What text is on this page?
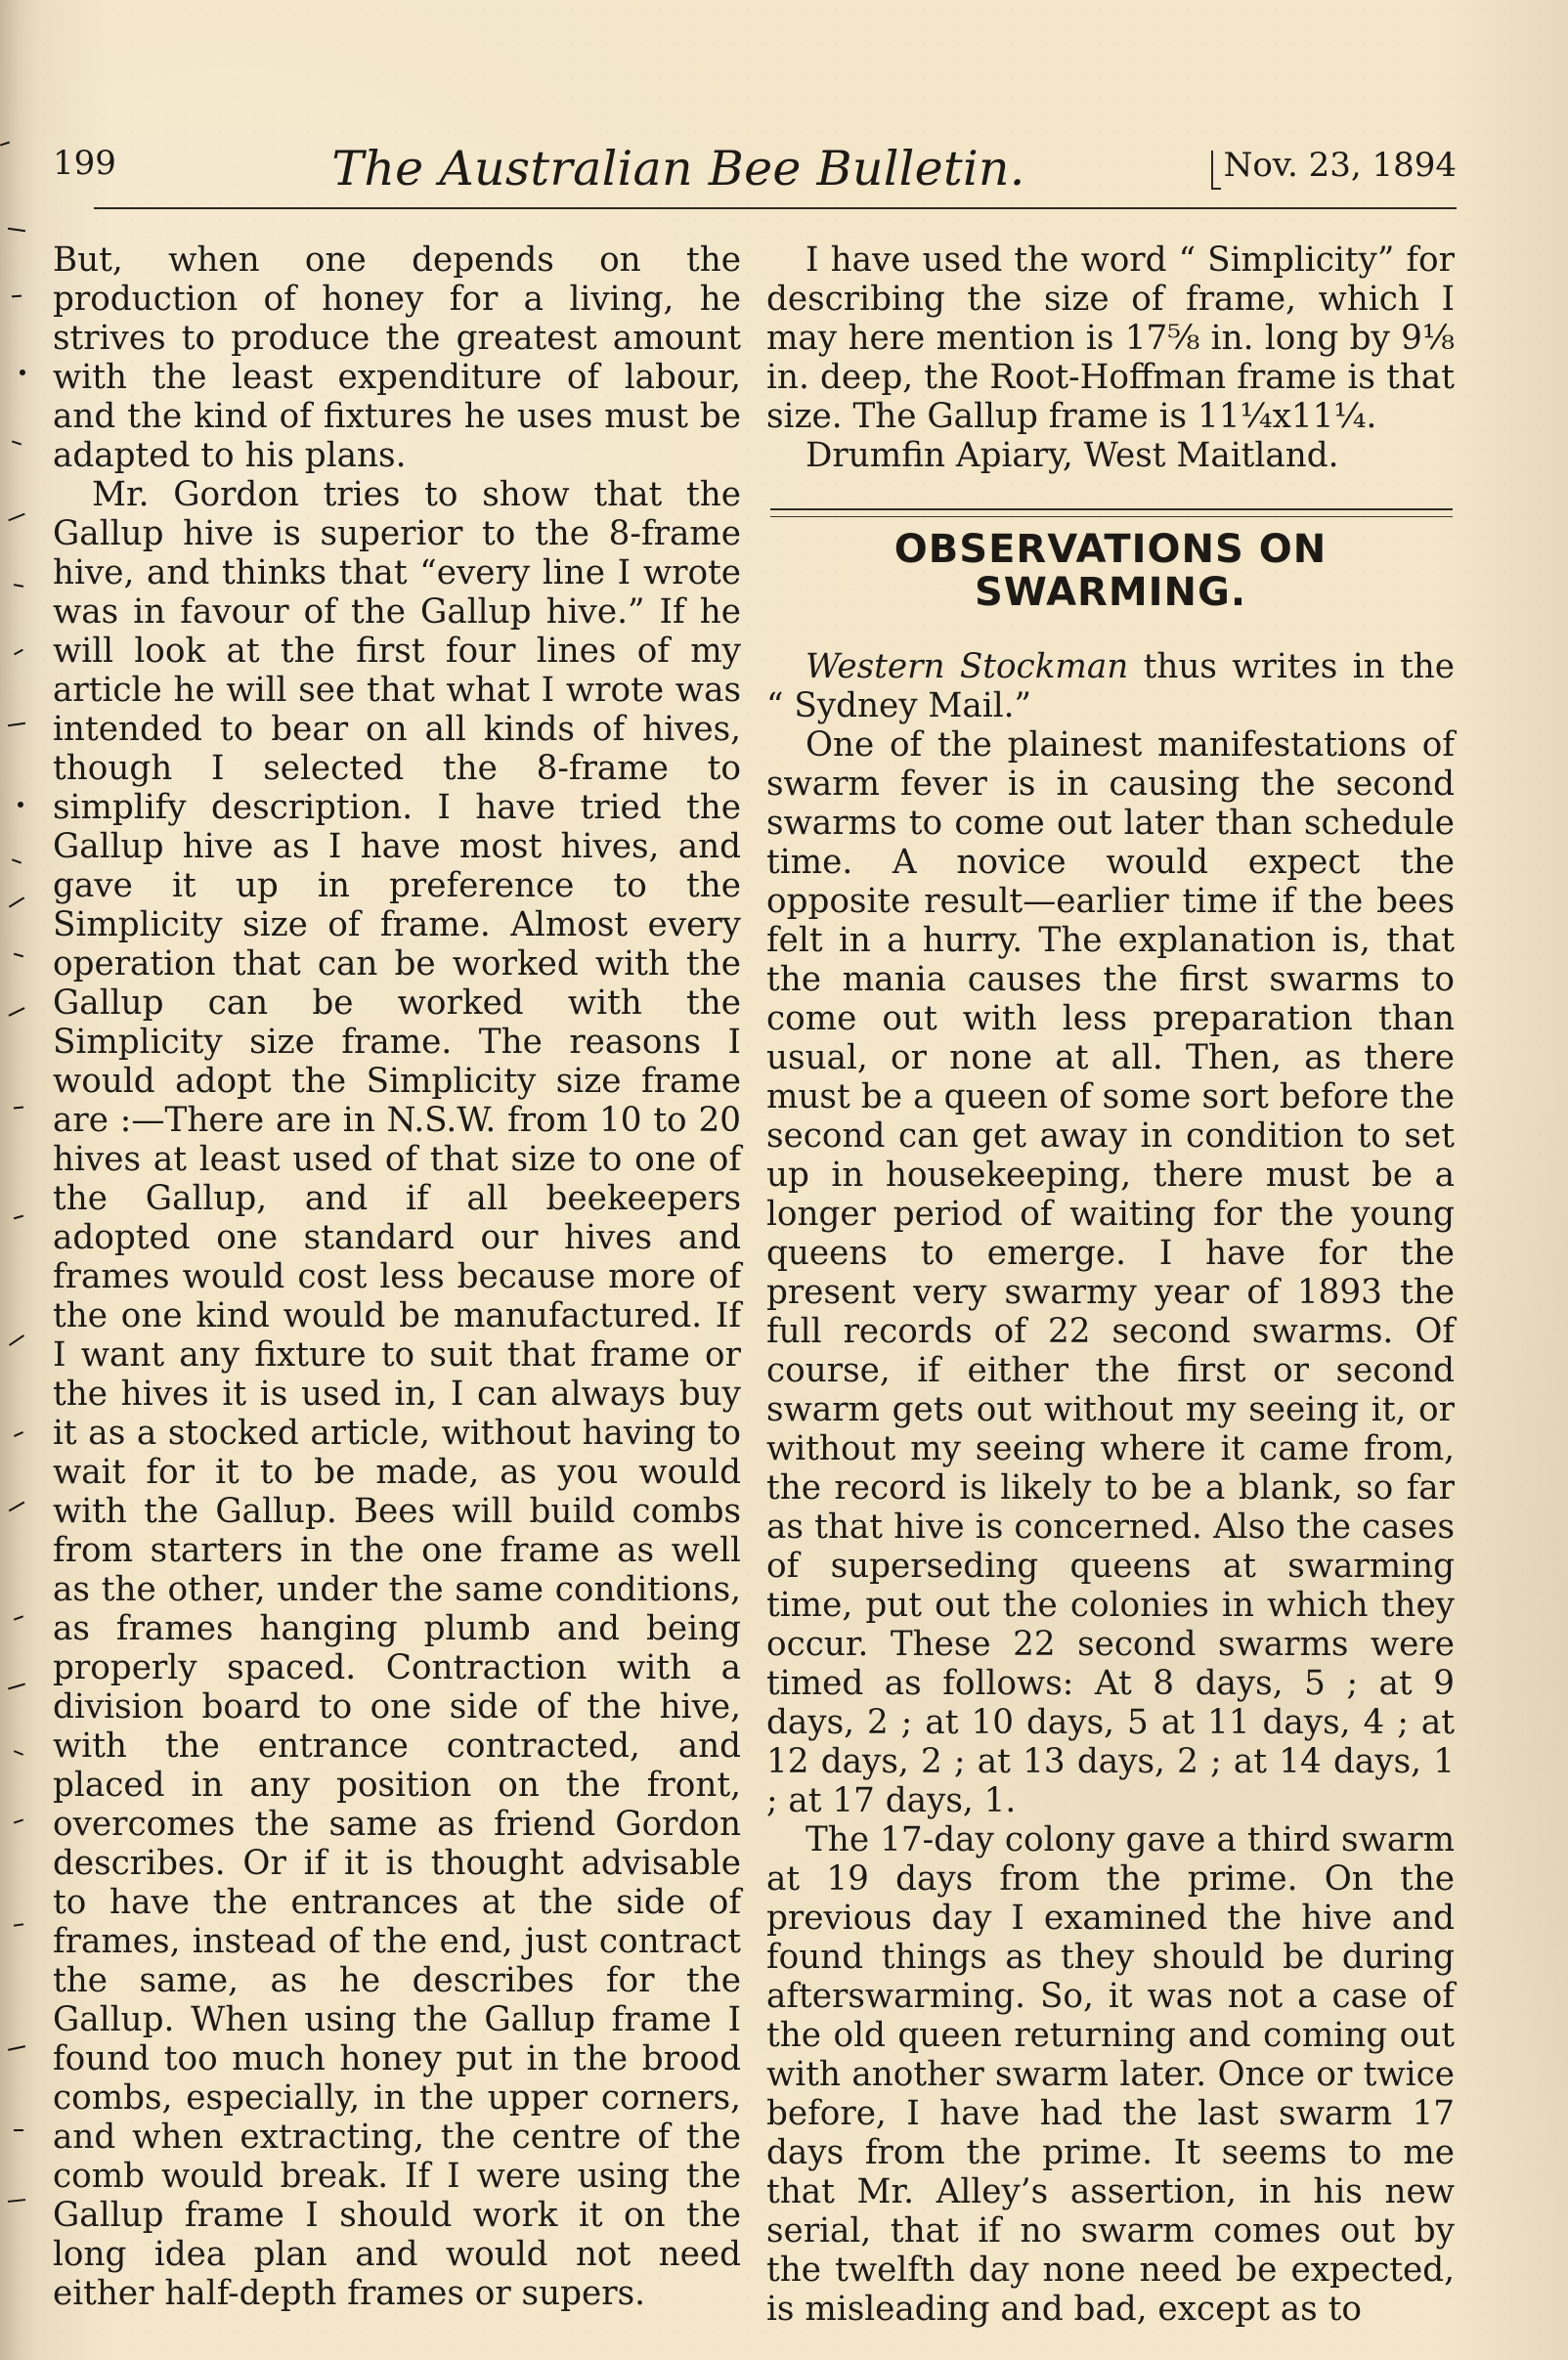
199	The Australian Bee Bulletin.	Nov. 23, 1894

But, when one depends on the production of honey for a living, he strives to produce the greatest amount with the least expenditure of labour, and the kind of fixtures he uses must be adapted to his plans.

Mr. Gordon tries to show that the Gallup hive is superior to the 8-frame hive, and thinks that “every line I wrote was in favour of the Gallup hive.” If he will look at the first four lines of my article he will see that what I wrote was intended to bear on all kinds of hives, though I selected the 8-frame to simplify description. I have tried the Gallup hive as I have most hives, and gave it up in preference to the Simplicity size of frame. Almost every operation that can be worked with the Gallup can be worked with the Simplicity size frame. The reasons I would adopt the Simplicity size frame are :—There are in N.S.W. from 10 to 20 hives at least used of that size to one of the Gallup, and if all beekeepers adopted one standard our hives and frames would cost less because more of the one kind would be manufactured. If I want any fixture to suit that frame or the hives it is used in, I can always buy it as a stocked article, without having to wait for it to be made, as you would with the Gallup. Bees will build combs from starters in the one frame as well as the other, under the same conditions, as frames hanging plumb and being properly spaced. Contraction with a division board to one side of the hive, with the entrance contracted, and placed in any position on the front, overcomes the same as friend Gordon describes. Or if it is thought advisable to have the entrances at the side of frames, instead of the end, just contract the same, as he describes for the Gallup. When using the Gallup frame I found too much honey put in the brood combs, especially, in the upper corners, and when extracting, the centre of the comb would break. If I were using the Gallup frame I should work it on the long idea plan and would not need either half-depth frames or supers.

I have used the word “ Simplicity” for describing the size of frame, which I may here mention is 17⅝ in. long by 9⅛ in. deep, the Root-Hoffman frame is that size. The Gallup frame is 11¼x11¼.

Drumfin Apiary, West Maitland.

OBSERVATIONS ON SWARMING.

Western Stockman thus writes in the “ Sydney Mail.”

One of the plainest manifestations of swarm fever is in causing the second swarms to come out later than schedule time. A novice would expect the opposite result—earlier time if the bees felt in a hurry. The explanation is, that the mania causes the first swarms to come out with less preparation than usual, or none at all. Then, as there must be a queen of some sort before the second can get away in condition to set up in housekeeping, there must be a longer period of waiting for the young queens to emerge. I have for the present very swarmy year of 1893 the full records of 22 second swarms. Of course, if either the first or second swarm gets out without my seeing it, or without my seeing where it came from, the record is likely to be a blank, so far as that hive is concerned. Also the cases of superseding queens at swarming time, put out the colonies in which they occur. These 22 second swarms were timed as follows: At 8 days, 5 ; at 9 days, 2 ; at 10 days, 5 at 11 days, 4 ; at 12 days, 2 ; at 13 days, 2 ; at 14 days, 1 ; at 17 days, 1.

The 17-day colony gave a third swarm at 19 days from the prime. On the previous day I examined the hive and found things as they should be during afterswarming. So, it was not a case of the old queen returning and coming out with another swarm later. Once or twice before, I have had the last swarm 17 days from the prime. It seems to me that Mr. Alley’s assertion, in his new serial, that if no swarm comes out by the twelfth day none need be expected, is misleading and bad, except as to
